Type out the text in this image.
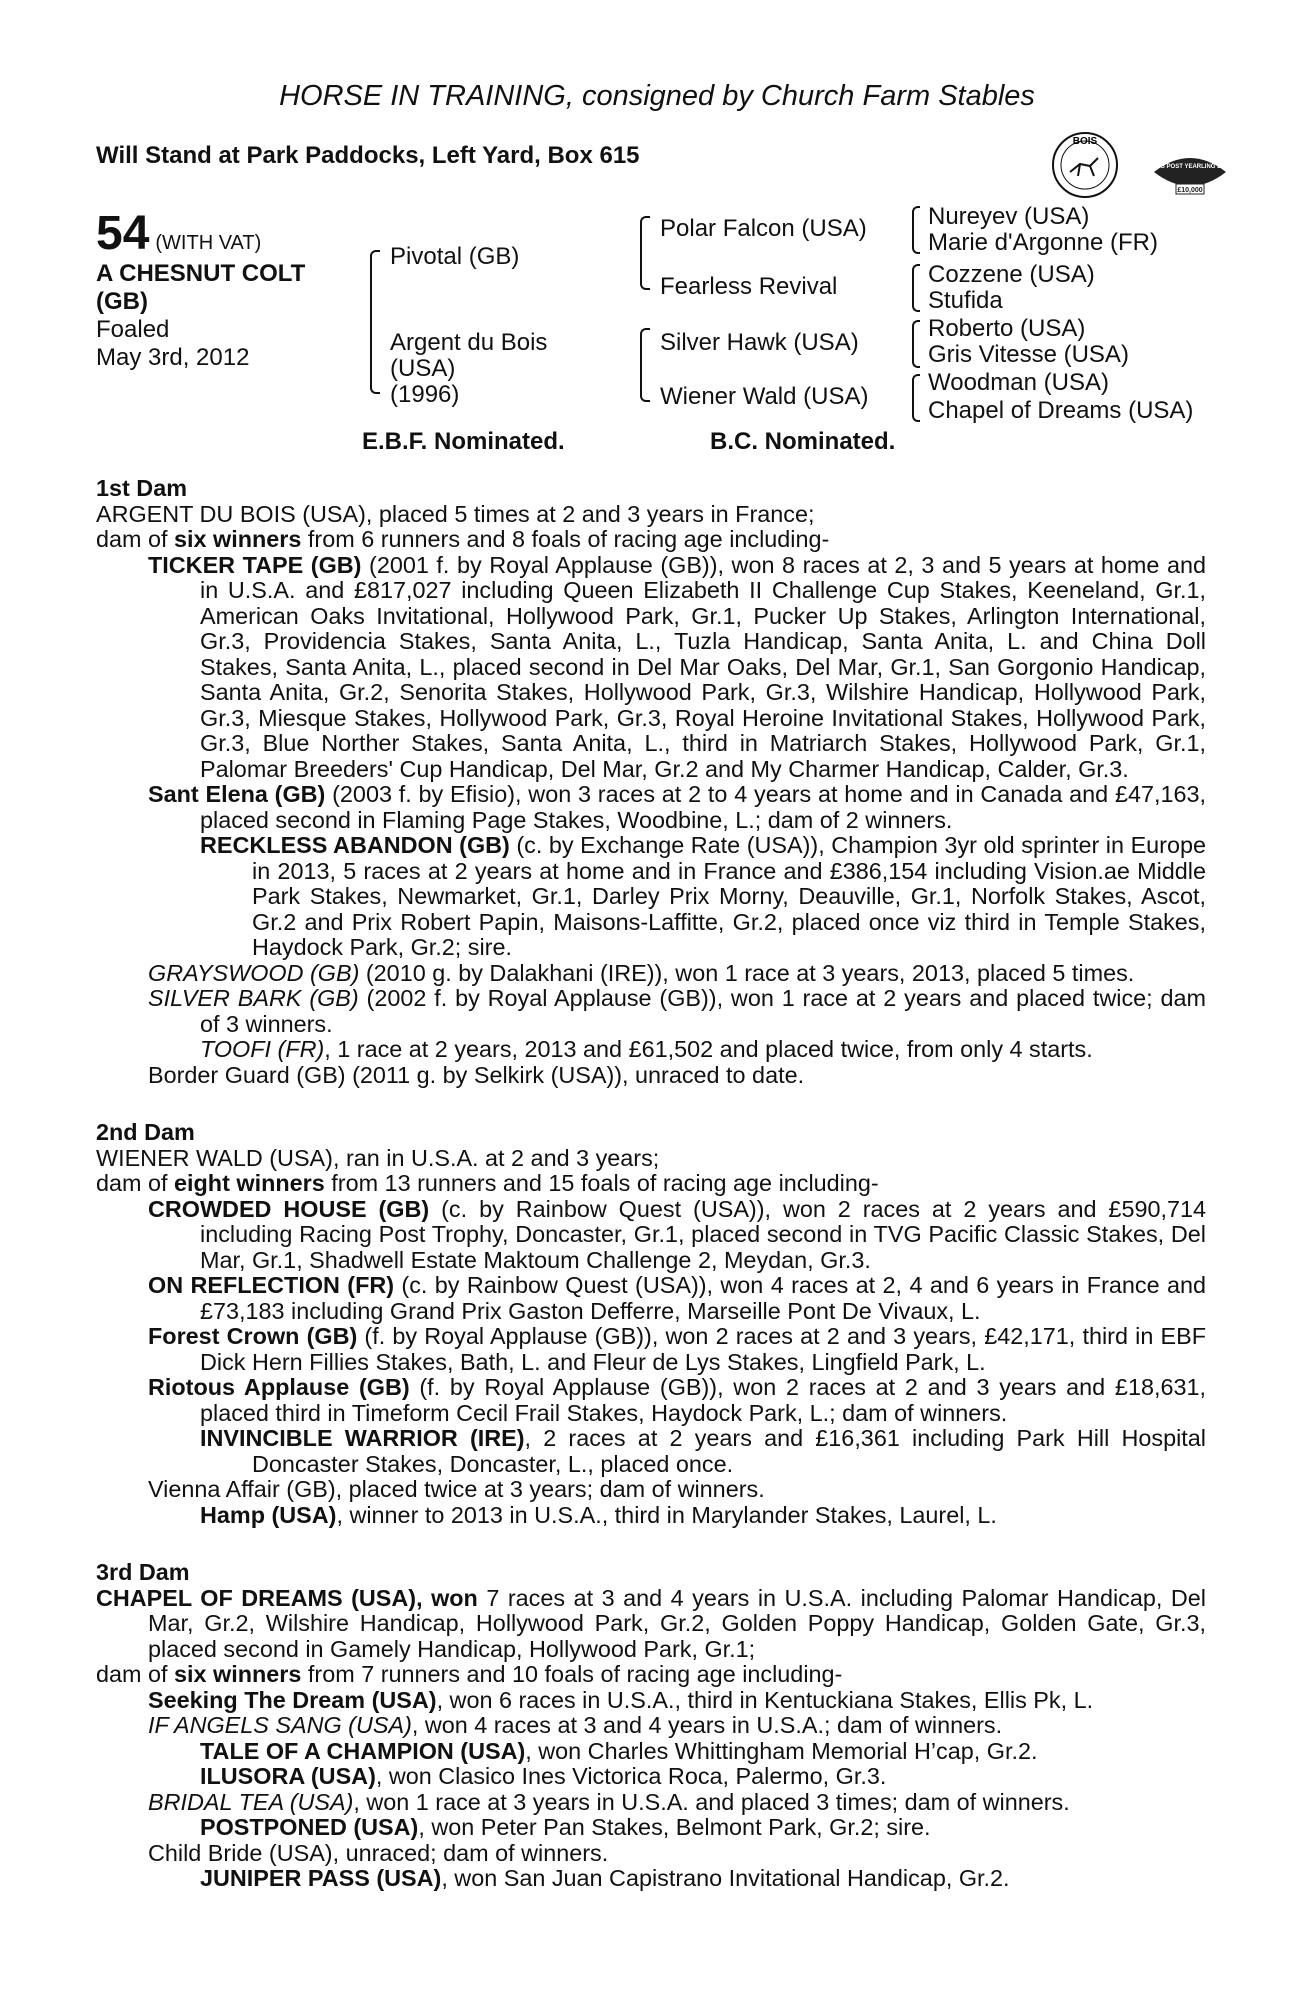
HORSE IN TRAINING, consigned by Church Farm Stables
Will Stand at Park Paddocks, Left Yard, Box 615
BOIS
RACING POST YEARLING BONUS
£10,000
54 (WITH VAT)
A CHESNUT COLT
(GB)
Foaled
May 3rd, 2012
Pivotal (GB)
Argent du Bois
(USA)
(1996)
Polar Falcon (USA)
Fearless Revival
Silver Hawk (USA)
Wiener Wald (USA)
Nureyev (USA)
Marie d'Argonne (FR)
Cozzene (USA)
Stufida
Roberto (USA)
Gris Vitesse (USA)
Woodman (USA)
Chapel of Dreams (USA)
E.B.F. Nominated.	B.C. Nominated.
1st Dam
ARGENT DU BOIS (USA), placed 5 times at 2 and 3 years in France;
dam of six winners from 6 runners and 8 foals of racing age including-
TICKER TAPE (GB) (2001 f. by Royal Applause (GB)), won 8 races at 2, 3 and 5 years at home and in U.S.A. and £817,027 including Queen Elizabeth II Challenge Cup Stakes, Keeneland, Gr.1, American Oaks Invitational, Hollywood Park, Gr.1, Pucker Up Stakes, Arlington International, Gr.3, Providencia Stakes, Santa Anita, L., Tuzla Handicap, Santa Anita, L. and China Doll Stakes, Santa Anita, L., placed second in Del Mar Oaks, Del Mar, Gr.1, San Gorgonio Handicap, Santa Anita, Gr.2, Senorita Stakes, Hollywood Park, Gr.3, Wilshire Handicap, Hollywood Park, Gr.3, Miesque Stakes, Hollywood Park, Gr.3, Royal Heroine Invitational Stakes, Hollywood Park, Gr.3, Blue Norther Stakes, Santa Anita, L., third in Matriarch Stakes, Hollywood Park, Gr.1, Palomar Breeders' Cup Handicap, Del Mar, Gr.2 and My Charmer Handicap, Calder, Gr.3.
Sant Elena (GB) (2003 f. by Efisio), won 3 races at 2 to 4 years at home and in Canada and £47,163, placed second in Flaming Page Stakes, Woodbine, L.; dam of 2 winners.
RECKLESS ABANDON (GB) (c. by Exchange Rate (USA)), Champion 3yr old sprinter in Europe in 2013, 5 races at 2 years at home and in France and £386,154 including Vision.ae Middle Park Stakes, Newmarket, Gr.1, Darley Prix Morny, Deauville, Gr.1, Norfolk Stakes, Ascot, Gr.2 and Prix Robert Papin, Maisons-Laffitte, Gr.2, placed once viz third in Temple Stakes, Haydock Park, Gr.2; sire.
GRAYSWOOD (GB) (2010 g. by Dalakhani (IRE)), won 1 race at 3 years, 2013, placed 5 times.
SILVER BARK (GB) (2002 f. by Royal Applause (GB)), won 1 race at 2 years and placed twice; dam of 3 winners.
TOOFI (FR), 1 race at 2 years, 2013 and £61,502 and placed twice, from only 4 starts.
Border Guard (GB) (2011 g. by Selkirk (USA)), unraced to date.
2nd Dam
WIENER WALD (USA), ran in U.S.A. at 2 and 3 years;
dam of eight winners from 13 runners and 15 foals of racing age including-
CROWDED HOUSE (GB) (c. by Rainbow Quest (USA)), won 2 races at 2 years and £590,714 including Racing Post Trophy, Doncaster, Gr.1, placed second in TVG Pacific Classic Stakes, Del Mar, Gr.1, Shadwell Estate Maktoum Challenge 2, Meydan, Gr.3.
ON REFLECTION (FR) (c. by Rainbow Quest (USA)), won 4 races at 2, 4 and 6 years in France and £73,183 including Grand Prix Gaston Defferre, Marseille Pont De Vivaux, L.
Forest Crown (GB) (f. by Royal Applause (GB)), won 2 races at 2 and 3 years, £42,171, third in EBF Dick Hern Fillies Stakes, Bath, L. and Fleur de Lys Stakes, Lingfield Park, L.
Riotous Applause (GB) (f. by Royal Applause (GB)), won 2 races at 2 and 3 years and £18,631, placed third in Timeform Cecil Frail Stakes, Haydock Park, L.; dam of winners.
INVINCIBLE WARRIOR (IRE), 2 races at 2 years and £16,361 including Park Hill Hospital Doncaster Stakes, Doncaster, L., placed once.
Vienna Affair (GB), placed twice at 3 years; dam of winners.
Hamp (USA), winner to 2013 in U.S.A., third in Marylander Stakes, Laurel, L.
3rd Dam
CHAPEL OF DREAMS (USA), won 7 races at 3 and 4 years in U.S.A. including Palomar Handicap, Del Mar, Gr.2, Wilshire Handicap, Hollywood Park, Gr.2, Golden Poppy Handicap, Golden Gate, Gr.3, placed second in Gamely Handicap, Hollywood Park, Gr.1;
dam of six winners from 7 runners and 10 foals of racing age including-
Seeking The Dream (USA), won 6 races in U.S.A., third in Kentuckiana Stakes, Ellis Pk, L.
IF ANGELS SANG (USA), won 4 races at 3 and 4 years in U.S.A.; dam of winners.
TALE OF A CHAMPION (USA), won Charles Whittingham Memorial H’cap, Gr.2.
ILUSORA (USA), won Clasico Ines Victorica Roca, Palermo, Gr.3.
BRIDAL TEA (USA), won 1 race at 3 years in U.S.A. and placed 3 times; dam of winners.
POSTPONED (USA), won Peter Pan Stakes, Belmont Park, Gr.2; sire.
Child Bride (USA), unraced; dam of winners.
JUNIPER PASS (USA), won San Juan Capistrano Invitational Handicap, Gr.2.
